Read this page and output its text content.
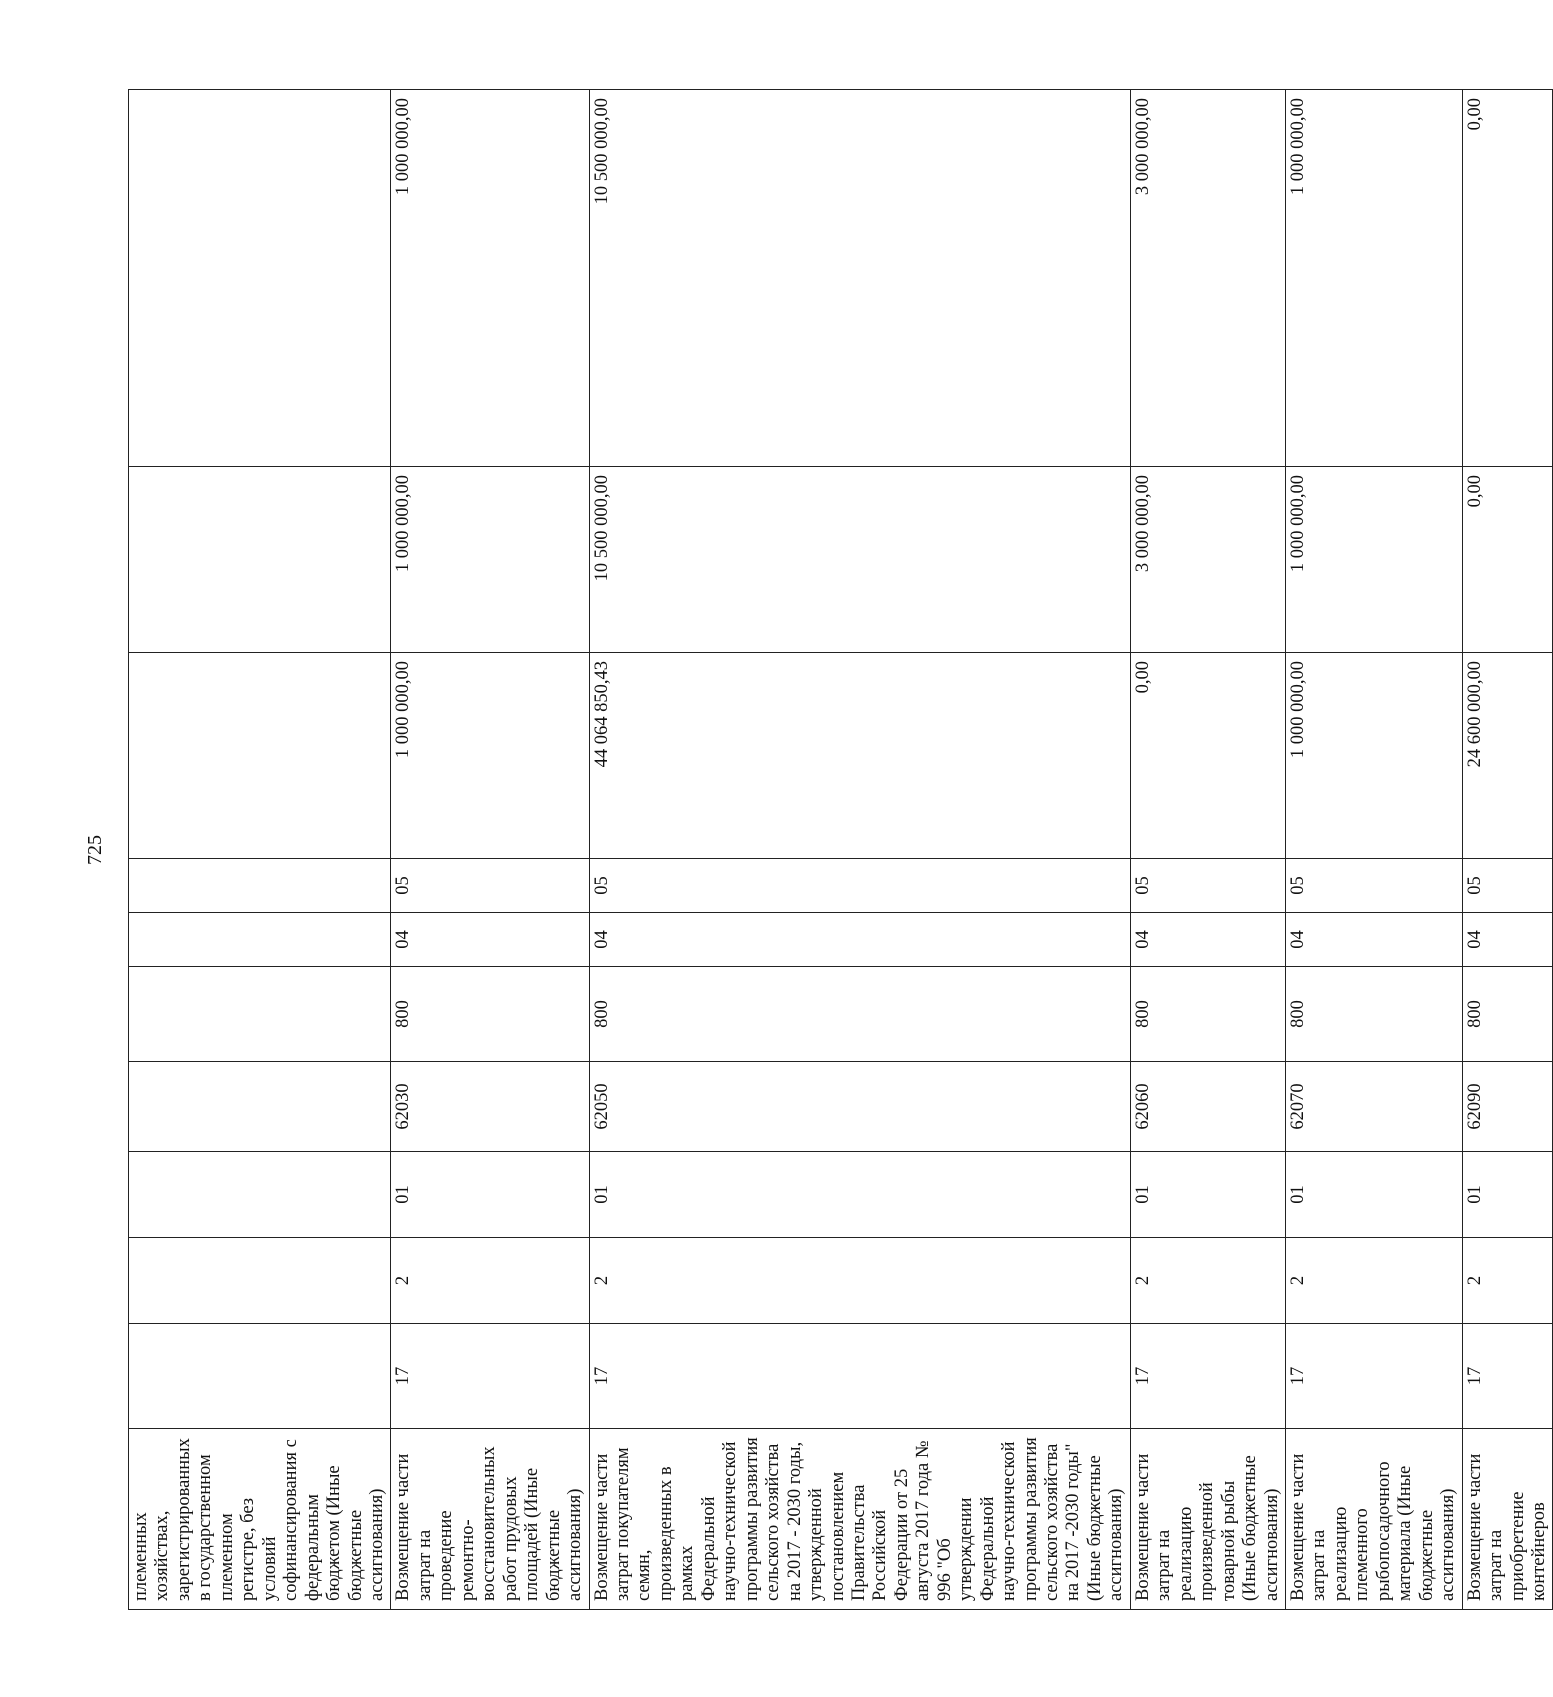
725
племенных хозяйствах, зарегистрированных в государственном племенном регистре, без условий софинансирования с федеральным бюджетом (Иные бюджетные ассигнования)										
Возмещение части затрат на проведение ремонтно-восстановительных работ прудовых площадей (Иные бюджетные ассигнования)	17	2	01	62030	800	04	05	1 000 000,00	1 000 000,00	1 000 000,00
Возмещение части затрат покупателям семян, произведенных в рамках Федеральной научно-технической программы развития сельского хозяйства на 2017 - 2030 годы, утвержденной постановлением Правительства Российской Федерации от 25 августа 2017 года № 996 "Об утверждении Федеральной научно-технической программы развития сельского хозяйства на 2017 -2030 годы" (Иные бюджетные ассигнования)	17	2	01	62050	800	04	05	44 064 850,43	10 500 000,00	10 500 000,00
Возмещение части затрат на реализацию произведенной товарной рыбы (Иные бюджетные ассигнования)	17	2	01	62060	800	04	05	0,00	3 000 000,00	3 000 000,00
Возмещение части затрат на реализацию племенного рыбопосадочного материала (Иные бюджетные ассигнования)	17	2	01	62070	800	04	05	1 000 000,00	1 000 000,00	1 000 000,00
Возмещение части затрат на приобретение контейнеров	17	2	01	62090	800	04	05	24 600 000,00	0,00	0,00
